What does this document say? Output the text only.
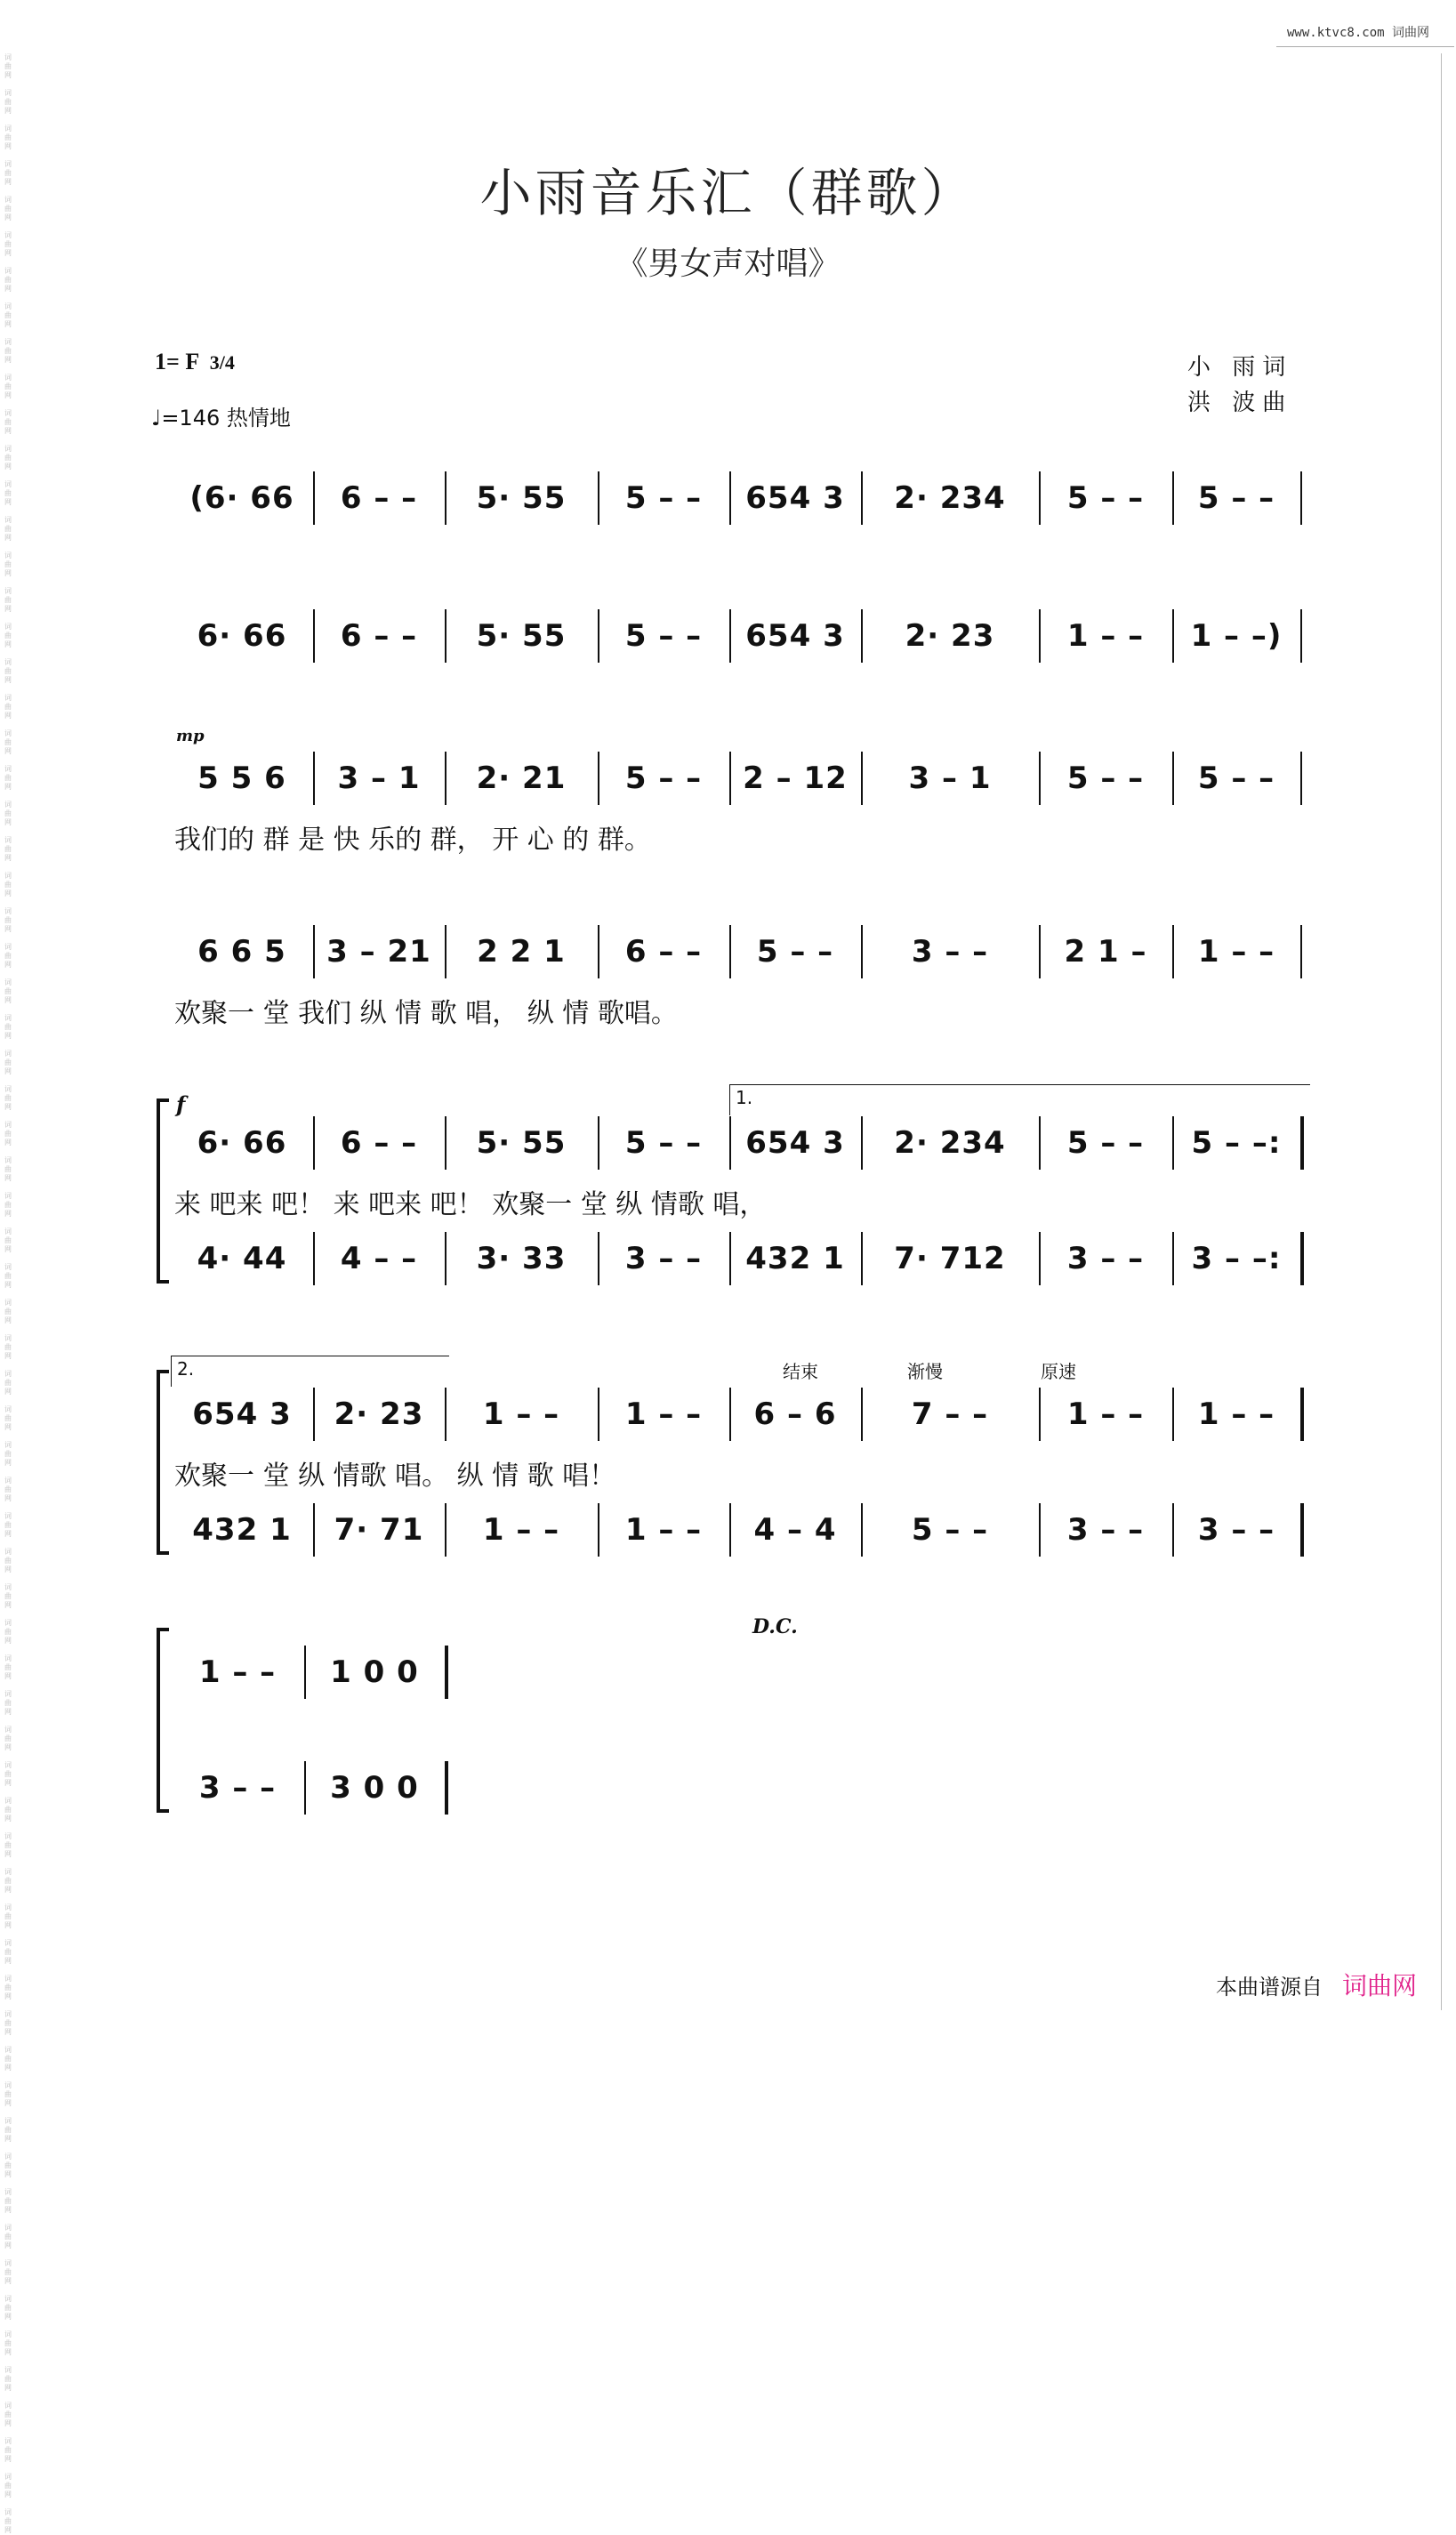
www.ktvc8.com 词曲网
词
曲
网

词
曲
网

词
曲
网

词
曲
网

词
曲
网

词
曲
网

词
曲
网

词
曲
网

词
曲
网

词
曲
网

词
曲
网

词
曲
网

词
曲
网

词
曲
网

词
曲
网

词
曲
网

词
曲
网

词
曲
网

词
曲
网

词
曲
网

词
曲
网

词
曲
网

词
曲
网

词
曲
网

词
曲
网

词
曲
网

词
曲
网

词
曲
网

词
曲
网

词
曲
网

词
曲
网

词
曲
网

词
曲
网

词
曲
网

词
曲
网

词
曲
网

词
曲
网

词
曲
网

词
曲
网

词
曲
网

词
曲
网

词
曲
网

词
曲
网

词
曲
网

词
曲
网

词
曲
网

词
曲
网

词
曲
网

词
曲
网

词
曲
网

词
曲
网

词
曲
网

词
曲
网

词
曲
网

词
曲
网

词
曲
网

词
曲
网

词
曲
网

词
曲
网

词
曲
网

词
曲
网

词
曲
网

词
曲
网

词
曲
网

词
曲
网

词
曲
网

词
曲
网

词
曲
网

词
曲
网

词
曲
网

小雨音乐汇（群歌）
《男女声对唱》
1= F 3/4
♩=146 热情地
小 雨词
洪 波曲
(6· 66	6 – –	5· 55	5 – –	654 3	2· 234	5 – –	5 – –
6· 66	6 – –	5· 55	5 – –	654 3	2· 23	1 – –	1 – –)
mp
5 5 6	3 – 1	2· 21	5 – –	2 – 12	3 – 1	5 – –	5 – –
我们的 群 是 快 乐的 群， 开 心 的 群。
6 6 5	3 – 21	2 2 1	6 – –	5 – –	3 – –	2 1 –	1 – –
欢聚一 堂 我们 纵 情 歌 唱， 纵 情 歌唱。
f	1.
6· 66	6 – –	5· 55	5 – –	654 3	2· 234	5 – –	5 – –:
来 吧来 吧！ 来 吧来 吧！ 欢聚一 堂 纵 情歌 唱，
4· 44	4 – –	3· 33	3 – –	432 1	7· 712	3 – –	3 – –:
2.	结束	渐慢	原速
D.C.
654 3	2· 23	1 – –	1 – –	6 – 6	7 – –	1 – –	1 – –
欢聚一 堂 纵 情歌 唱。 纵 情 歌 唱！
432 1	7· 71	1 – –	1 – –	4 – 4	5 – –	3 – –	3 – –
1 – –	1 0 0
3 – –	3 0 0
本曲谱源自 词曲网
